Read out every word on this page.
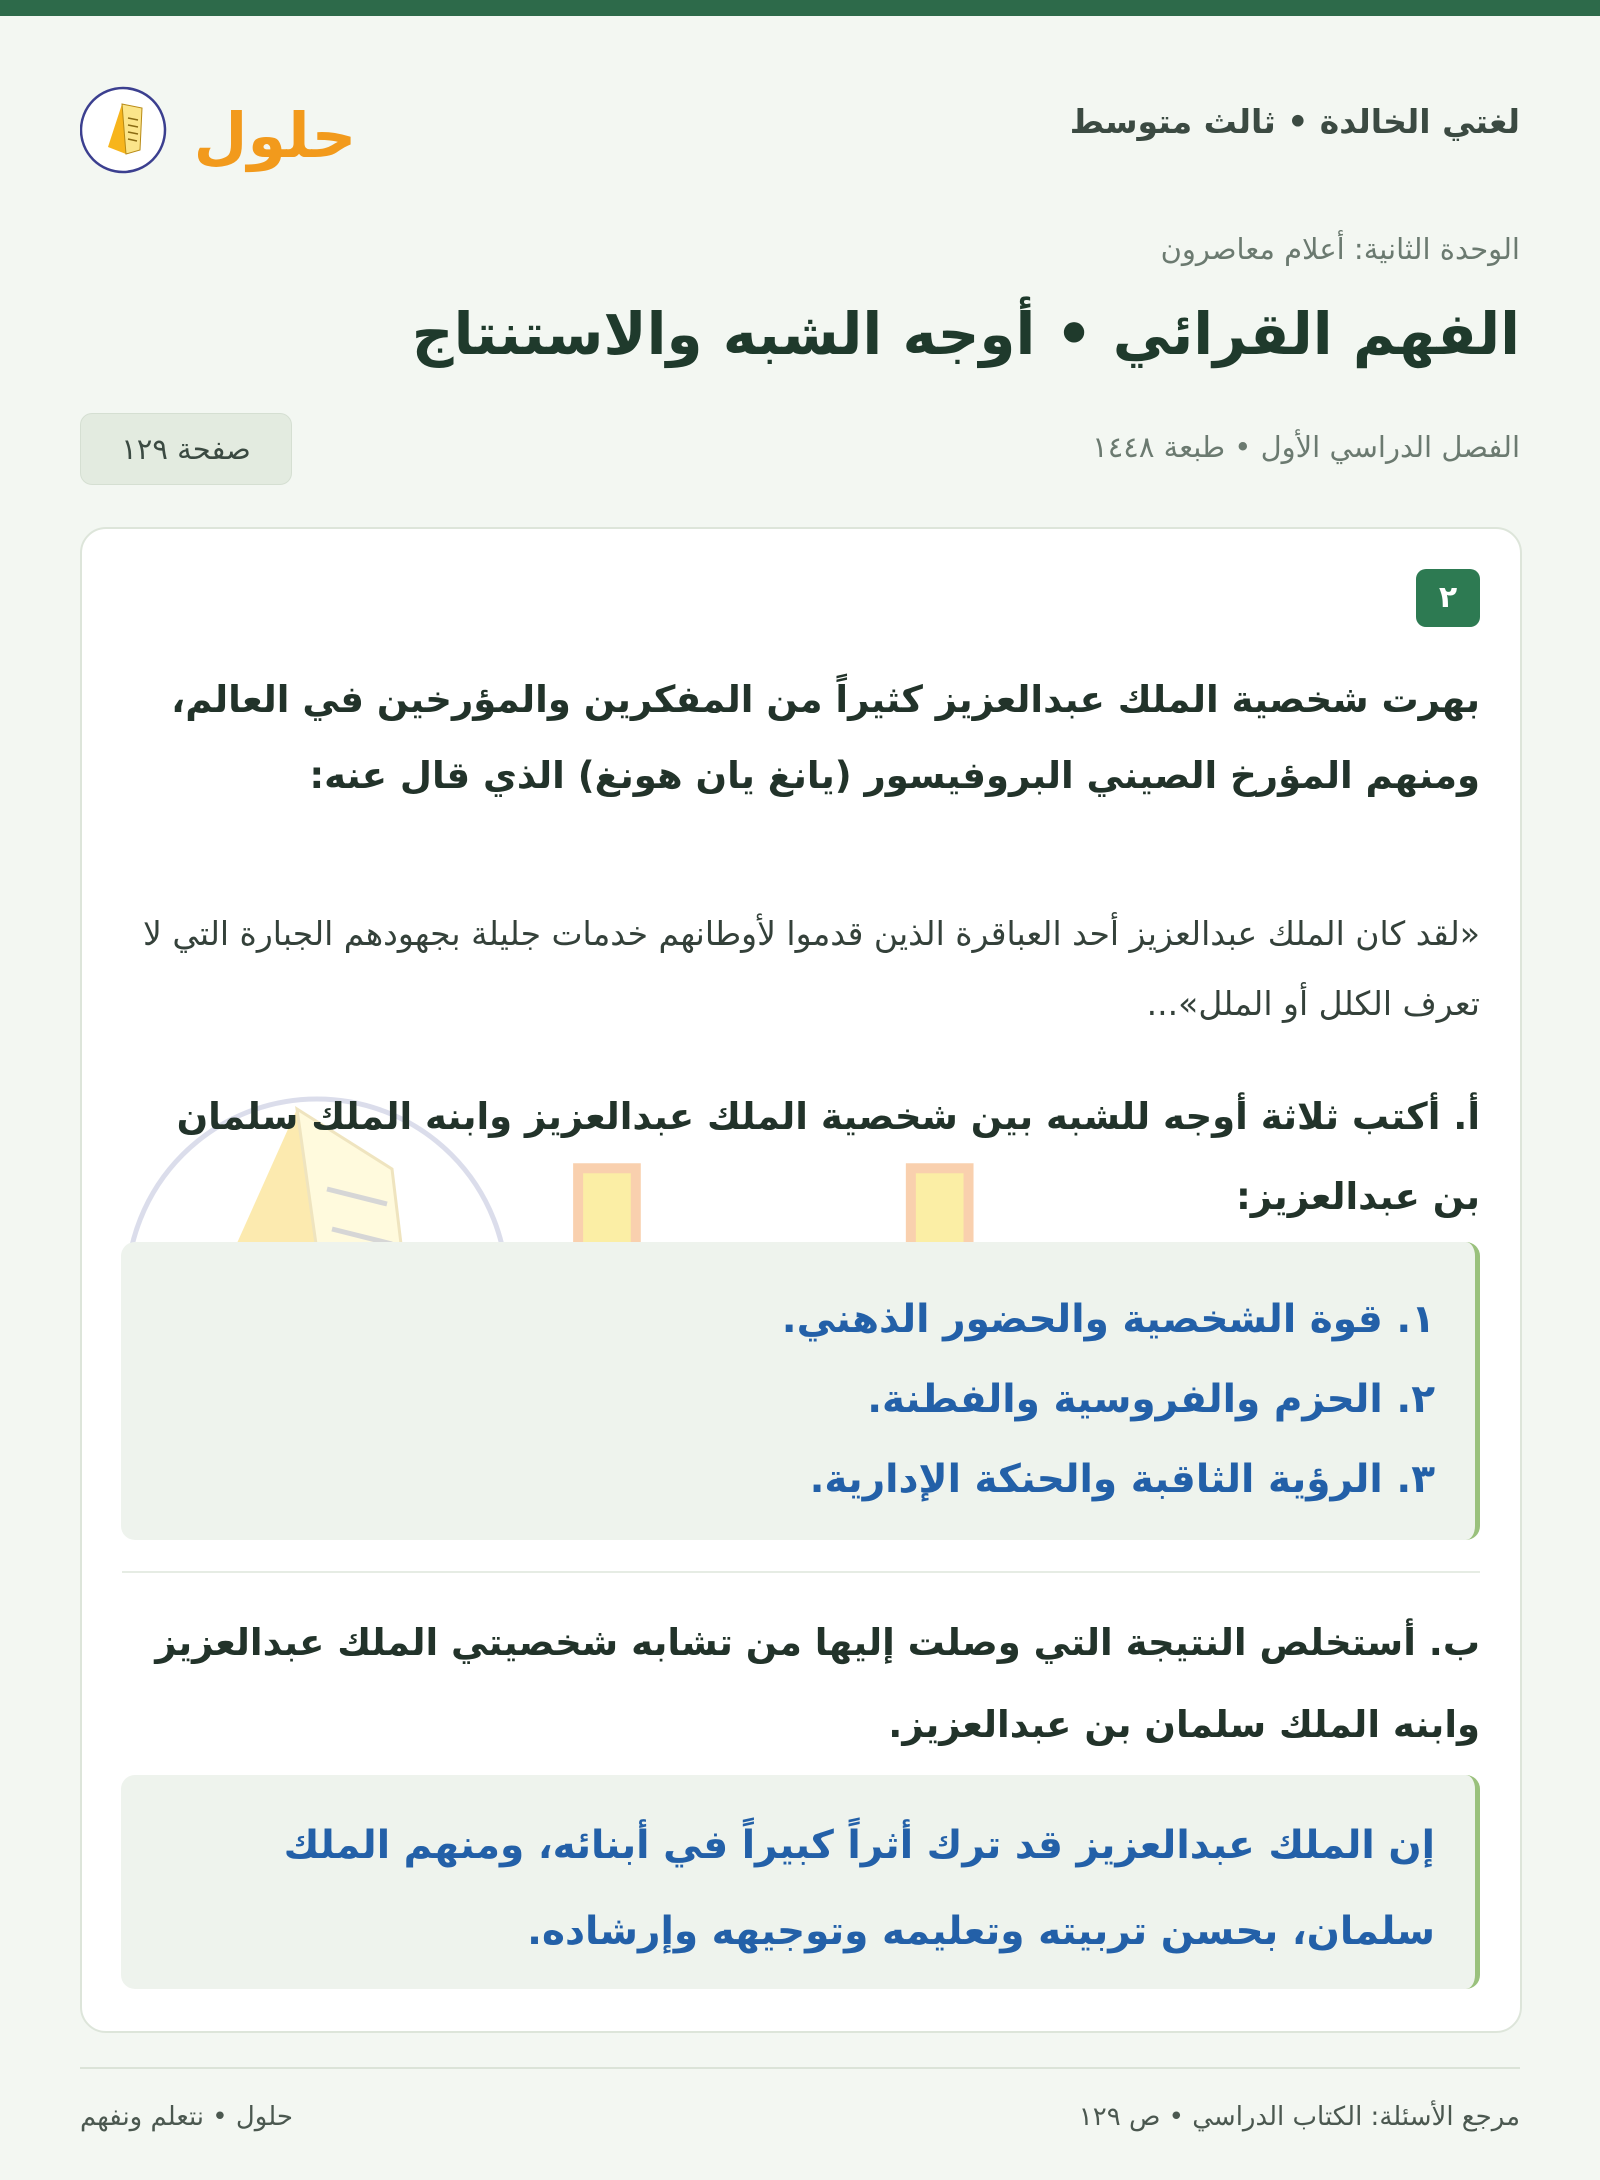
لغتي الخالدة • ثالث متوسط
حلول
الوحدة الثانية: أعلام معاصرون
الفهم القرائي • أوجه الشبه والاستنتاج
الفصل الدراسي الأول • طبعة ١٤٤٨
صفحة ١٢٩
٢

بهرت شخصية الملك عبدالعزيز كثيراً من المفكرين والمؤرخين في العالم، ومنهم المؤرخ الصيني البروفيسور (يانغ يان هونغ) الذي قال عنه:

«لقد كان الملك عبدالعزيز أحد العباقرة الذين قدموا لأوطانهم خدمات جليلة بجهودهم الجبارة التي لا تعرف الكلل أو الملل»...

أ. أكتب ثلاثة أوجه للشبه بين شخصية الملك عبدالعزيز وابنه الملك سلمان بن عبدالعزيز:

١. قوة الشخصية والحضور الذهني.
٢. الحزم والفروسية والفطنة.
٣. الرؤية الثاقبة والحنكة الإدارية.

ب. أستخلص النتيجة التي وصلت إليها من تشابه شخصيتي الملك عبدالعزيز وابنه الملك سلمان بن عبدالعزيز.

إن الملك عبدالعزيز قد ترك أثراً كبيراً في أبنائه، ومنهم الملك سلمان، بحسن تربيته وتعليمه وتوجيهه وإرشاده.

مرجع الأسئلة: الكتاب الدراسي • ص ١٢٩
حلول • نتعلم ونفهم
